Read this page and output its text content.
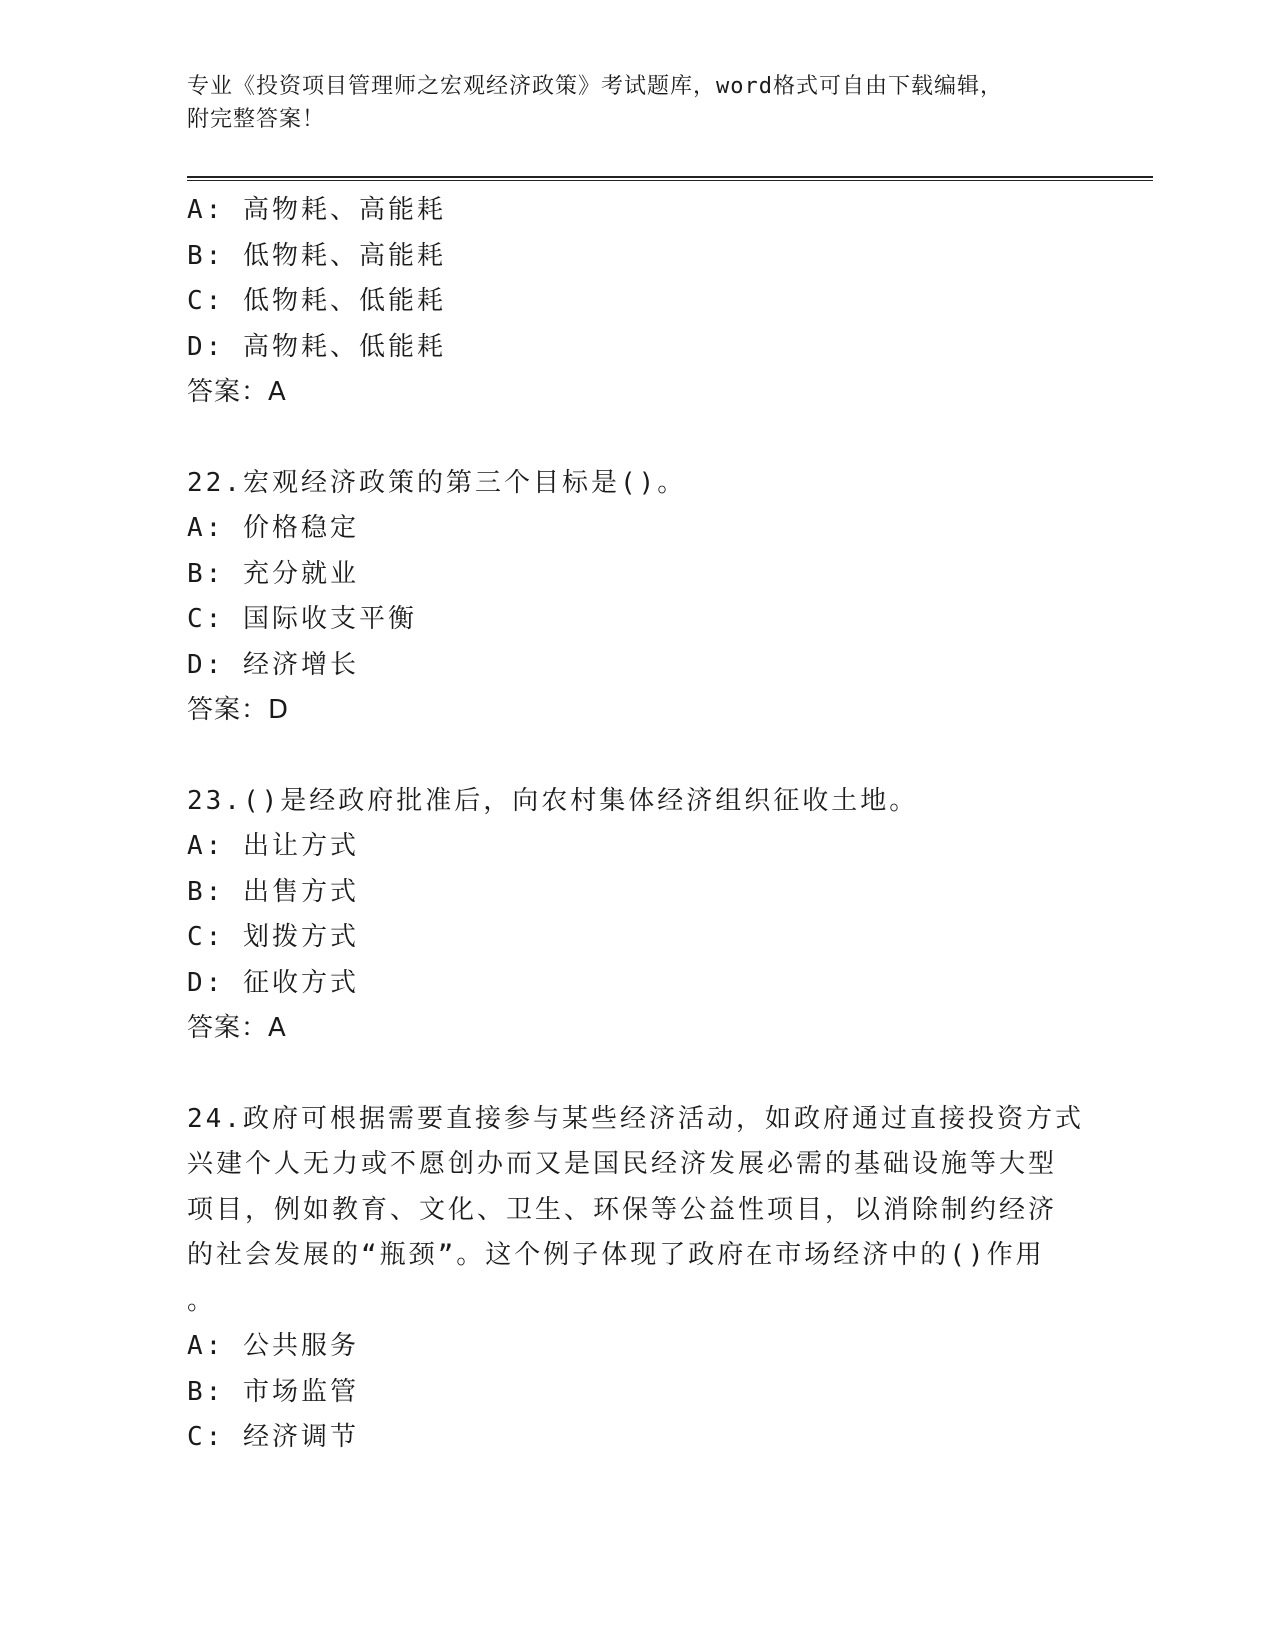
专业《投资项目管理师之宏观经济政策》考试题库，word格式可自由下载编辑，
附完整答案！
A: 高物耗、高能耗
B: 低物耗、高能耗
C: 低物耗、低能耗
D: 高物耗、低能耗
答案：A
22.宏观经济政策的第三个目标是()。
A: 价格稳定
B: 充分就业
C: 国际收支平衡
D: 经济增长
答案：D
23.()是经政府批准后，向农村集体经济组织征收土地。
A: 出让方式
B: 出售方式
C: 划拨方式
D: 征收方式
答案：A
24.政府可根据需要直接参与某些经济活动，如政府通过直接投资方式
兴建个人无力或不愿创办而又是国民经济发展必需的基础设施等大型
项目，例如教育、文化、卫生、环保等公益性项目，以消除制约经济
的社会发展的“瓶颈”。这个例子体现了政府在市场经济中的()作用
。
A: 公共服务
B: 市场监管
C: 经济调节
